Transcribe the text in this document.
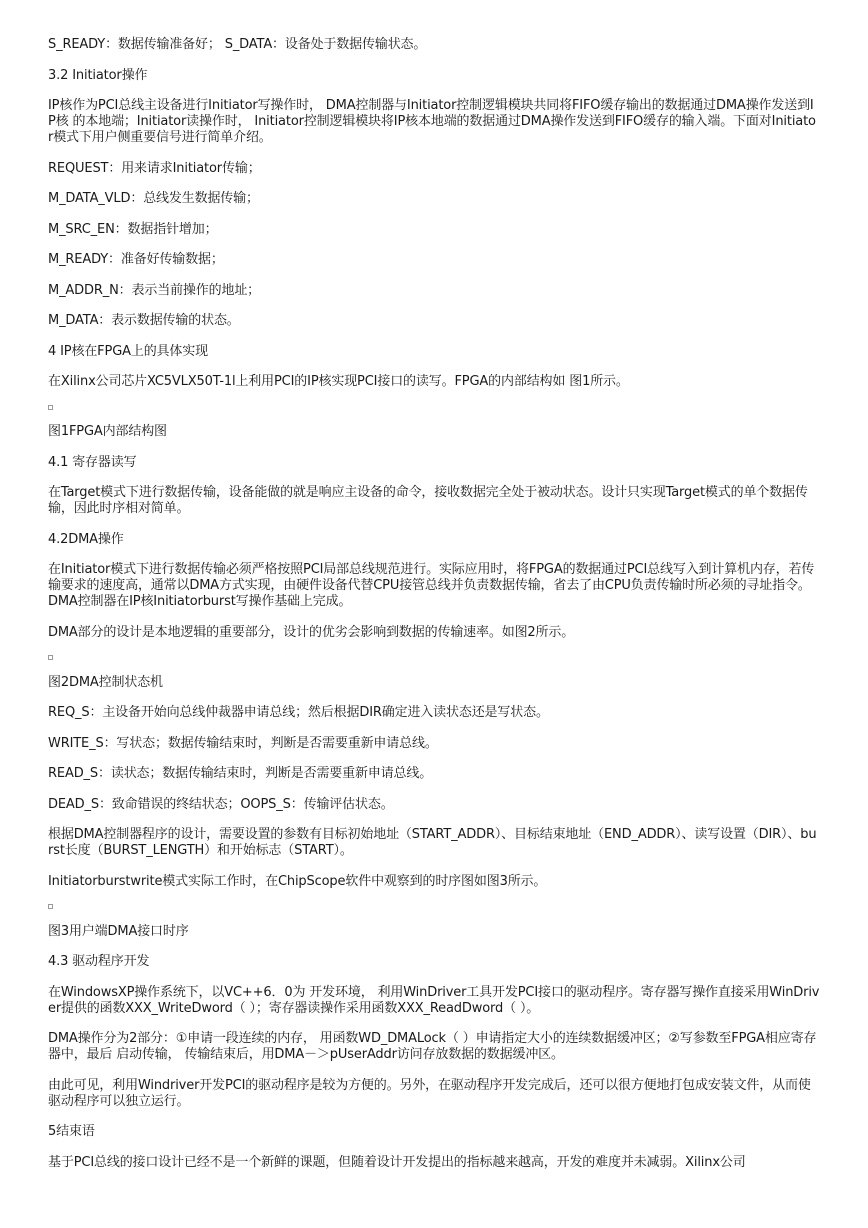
S_READY：数据传输准备好； S_DATA：设备处于数据传输状态。

3.2 Initiator操作

IP核作为PCI总线主设备进行Initiator写操作时， DMA控制器与Initiator控制逻辑模块共同将FIFO缓存输出的数据通过DMA操作发送到IP核 的本地端；Initiator读操作时， Initiator控制逻辑模块将IP核本地端的数据通过DMA操作发送到FIFO缓存的输入端。下面对Initiator模式下用户侧重要信号进行简单介绍。

REQUEST：用来请求Initiator传输；

M_DATA_VLD：总线发生数据传输；

M_SRC_EN：数据指针增加；

M_READY：准备好传输数据；

M_ADDR_N：表示当前操作的地址；

M_DATA：表示数据传输的状态。

4 IP核在FPGA上的具体实现

在Xilinx公司芯片XC5VLX50T-1l上利用PCI的IP核实现PCI接口的读写。FPGA的内部结构如 图1所示。

图1FPGA内部结构图

4.1 寄存器读写

在Target模式下进行数据传输，设备能做的就是响应主设备的命令，接收数据完全处于被动状态。设计只实现Target模式的单个数据传输，因此时序相对简单。

4.2DMA操作

在Initiator模式下进行数据传输必须严格按照PCI局部总线规范进行。实际应用时，将FPGA的数据通过PCI总线写入到计算机内存，若传输要求的速度高，通常以DMA方式实现，由硬件设备代替CPU接管总线并负责数据传输，省去了由CPU负责传输时所必须的寻址指令。DMA控制器在IP核Initiatorburst写操作基础上完成。

DMA部分的设计是本地逻辑的重要部分，设计的优劣会影响到数据的传输速率。如图2所示。

图2DMA控制状态机

REQ_S：主设备开始向总线仲裁器申请总线；然后根据DIR确定进入读状态还是写状态。

WRITE_S：写状态；数据传输结束时，判断是否需要重新申请总线。

READ_S：读状态；数据传输结束时，判断是否需要重新申请总线。

DEAD_S：致命错误的终结状态；OOPS_S：传输评估状态。

根据DMA控制器程序的设计，需要设置的参数有目标初始地址（START_ADDR）、目标结束地址（END_ADDR）、读写设置（DIR）、burst长度（BURST_LENGTH）和开始标志（START）。

Initiatorburstwrite模式实际工作时，在ChipScope软件中观察到的时序图如图3所示。

图3用户端DMA接口时序

4.3 驱动程序开发

在WindowsXP操作系统下，以VC++6．0为 开发环境， 利用WinDriver工具开发PCI接口的驱动程序。寄存器写操作直接采用WinDriver提供的函数XXX_WriteDword（ ）；寄存器读操作采用函数XXX_ReadDword（ ）。

DMA操作分为2部分：①申请一段连续的内存， 用函数WD_DMALock（ ）申请指定大小的连续数据缓冲区；②写参数至FPGA相应寄存器中，最后 启动传输， 传输结束后，用DMA－＞pUserAddr访问存放数据的数据缓冲区。

由此可见，利用Windriver开发PCI的驱动程序是较为方便的。另外，在驱动程序开发完成后，还可以很方便地打包成安装文件，从而使驱动程序可以独立运行。

5结束语

基于PCI总线的接口设计已经不是一个新鲜的课题，但随着设计开发提出的指标越来越高，开发的难度并未减弱。Xilinx公司
